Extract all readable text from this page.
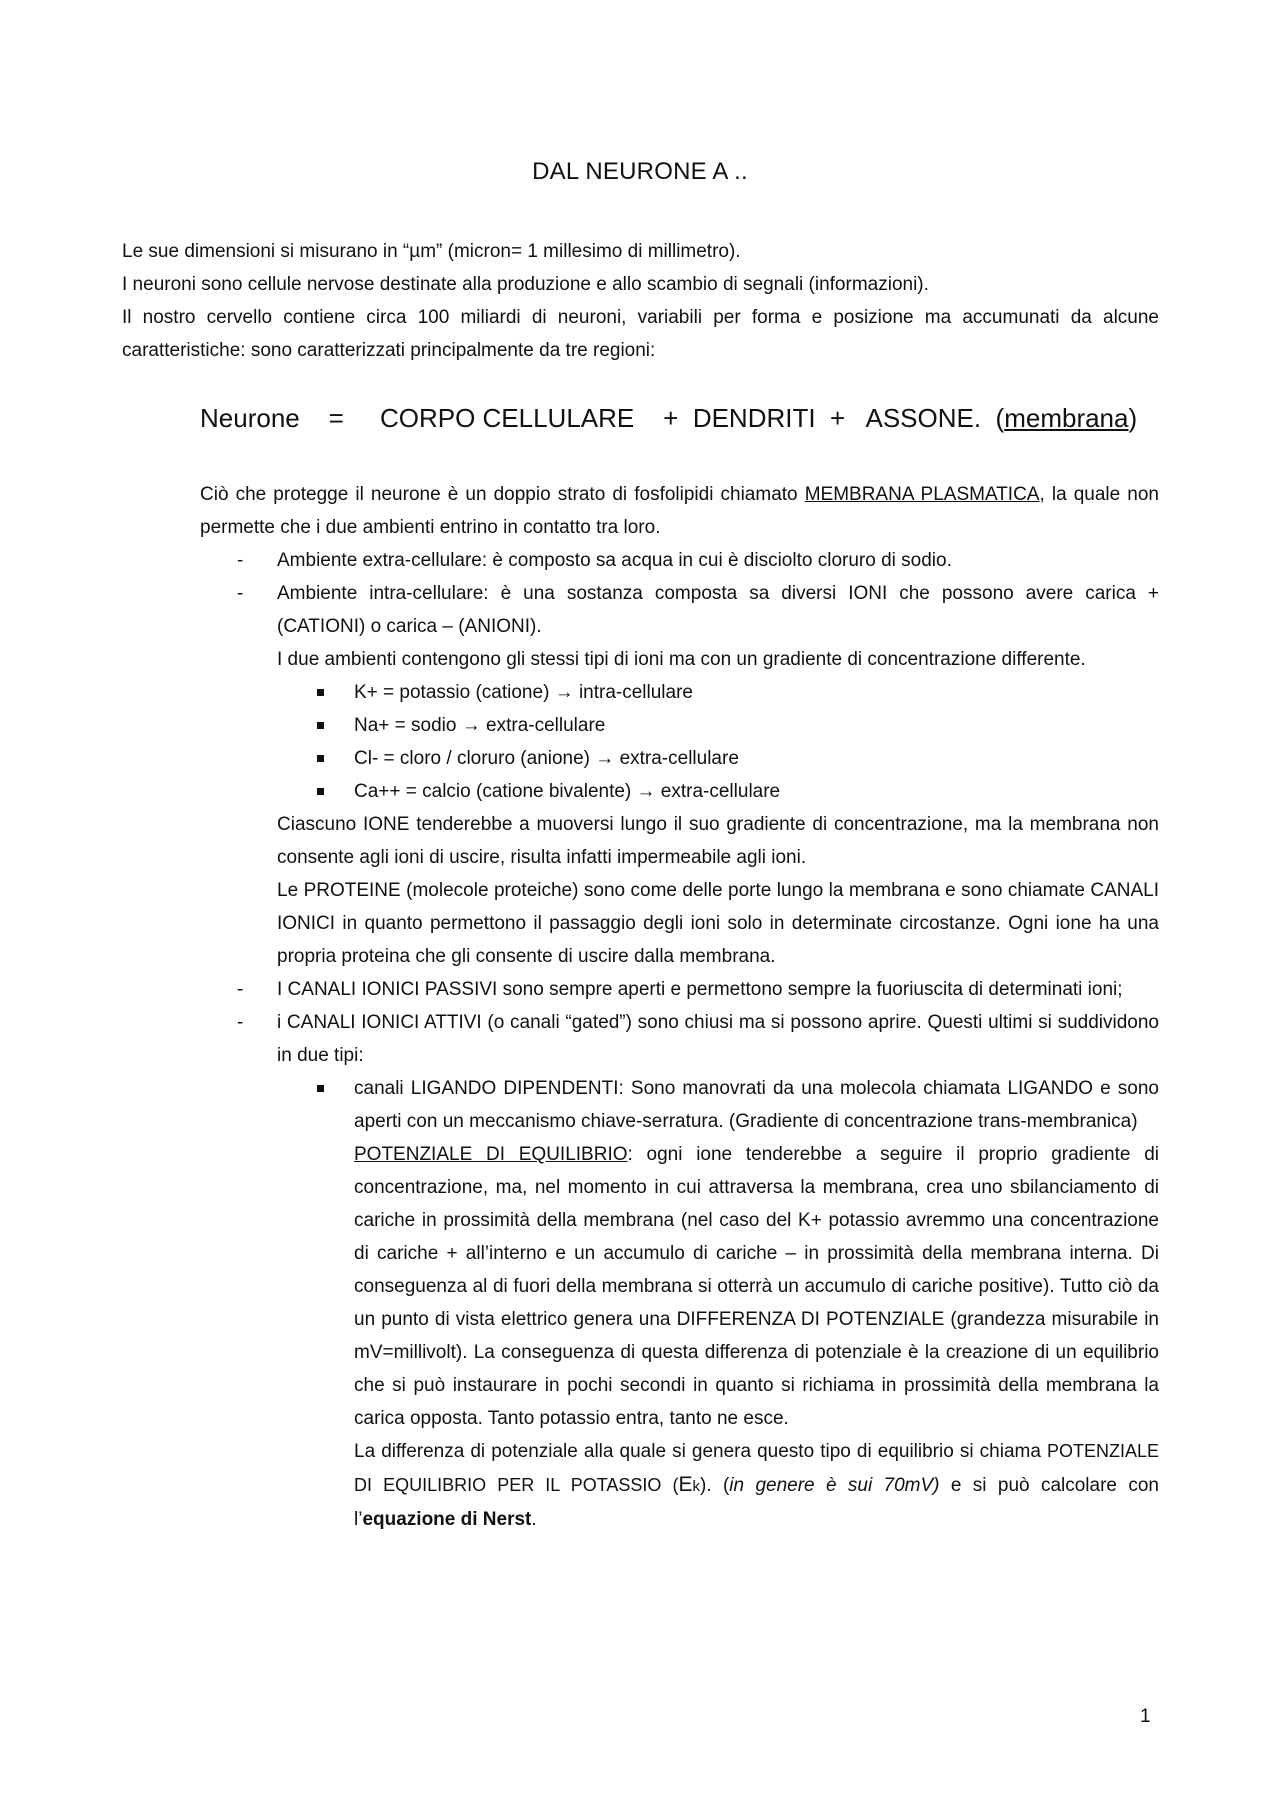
DAL NEURONE A ..

Le sue dimensioni si misurano in “µm” (micron= 1 millesimo di millimetro).

I neuroni sono cellule nervose destinate alla produzione e allo scambio di segnali (informazioni).

Il nostro cervello contiene circa 100 miliardi di neuroni, variabili per forma e posizione ma accumunati da alcune caratteristiche: sono caratterizzati principalmente da tre regioni:

Neurone = CORPO CELLULARE + DENDRITI + ASSONE. (membrana)

Ciò che protegge il neurone è un doppio strato di fosfolipidi chiamato MEMBRANA PLASMATICA, la quale non permette che i due ambienti entrino in contatto tra loro.

- Ambiente extra-cellulare: è composto sa acqua in cui è disciolto cloruro di sodio.
- Ambiente intra-cellulare: è una sostanza composta sa diversi IONI che possono avere carica + (CATIONI) o carica – (ANIONI).

I due ambienti contengono gli stessi tipi di ioni ma con un gradiente di concentrazione differente.

K+ = potassio (catione) → intra-cellulare
Na+ = sodio → extra-cellulare
Cl- = cloro / cloruro (anione) → extra-cellulare
Ca++ = calcio (catione bivalente) → extra-cellulare

Ciascuno IONE tenderebbe a muoversi lungo il suo gradiente di concentrazione, ma la membrana non consente agli ioni di uscire, risulta infatti impermeabile agli ioni.

Le PROTEINE (molecole proteiche) sono come delle porte lungo la membrana e sono chiamate CANALI IONICI in quanto permettono il passaggio degli ioni solo in determinate circostanze. Ogni ione ha una propria proteina che gli consente di uscire dalla membrana.

- I CANALI IONICI PASSIVI sono sempre aperti e permettono sempre la fuoriuscita di determinati ioni;
- i CANALI IONICI ATTIVI (o canali “gated”) sono chiusi ma si possono aprire. Questi ultimi si suddividono in due tipi:
canali LIGANDO DIPENDENTI: Sono manovrati da una molecola chiamata LIGANDO e sono aperti con un meccanismo chiave-serratura. (Gradiente di concentrazione trans-membranica)

POTENZIALE DI EQUILIBRIO: ogni ione tenderebbe a seguire il proprio gradiente di concentrazione, ma, nel momento in cui attraversa la membrana, crea uno sbilanciamento di cariche in prossimità della membrana (nel caso del K+ potassio avremmo una concentrazione di cariche + all’interno e un accumulo di cariche – in prossimità della membrana interna. Di conseguenza al di fuori della membrana si otterrà un accumulo di cariche positive). Tutto ciò da un punto di vista elettrico genera una DIFFERENZA DI POTENZIALE (grandezza misurabile in mV=millivolt). La conseguenza di questa differenza di potenziale è la creazione di un equilibrio che si può instaurare in pochi secondi in quanto si richiama in prossimità della membrana la carica opposta. Tanto potassio entra, tanto ne esce.

La differenza di potenziale alla quale si genera questo tipo di equilibrio si chiama POTENZIALE DI EQUILIBRIO PER IL POTASSIO (Ek). (in genere è sui 70mV) e si può calcolare con l’equazione di Nerst.

1
